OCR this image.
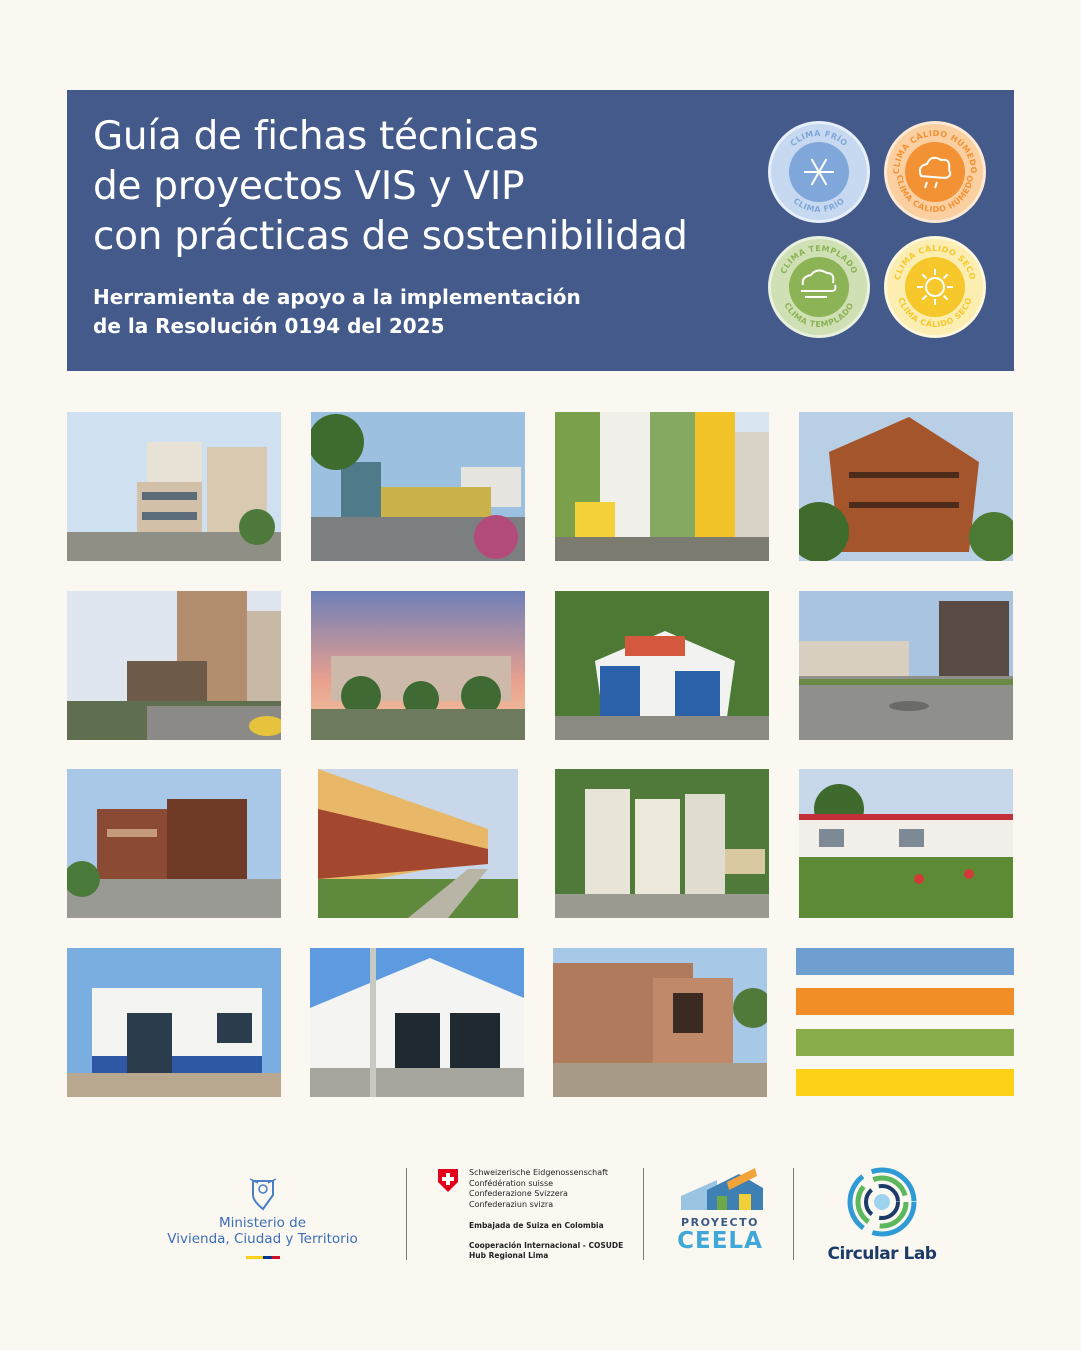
Guía de fichas técnicas
de proyectos VIS y VIP
con prácticas de sostenibilidad
Herramienta de apoyo a la implementación
de la Resolución 0194 del 2025
CLIMA FRÍO
CLIMA FRÍO
CLIMA CÁLIDO HÚMEDO
CLIMA CÁLIDO HÚMEDO
CLIMA TEMPLADO
CLIMA TEMPLADO
CLIMA CÁLIDO SECO
CLIMA CÁLIDO SECO
Ministerio de
Vivienda, Ciudad y Territorio
Schweizerische Eidgenossenschaft
Confédération suisse
Confederazione Svizzera
Confederaziun svizra
Embajada de Suiza en Colombia
Cooperación Internacional - COSUDE
Hub Regional Lima
PROYECTO
CEELA	Circular Lab
